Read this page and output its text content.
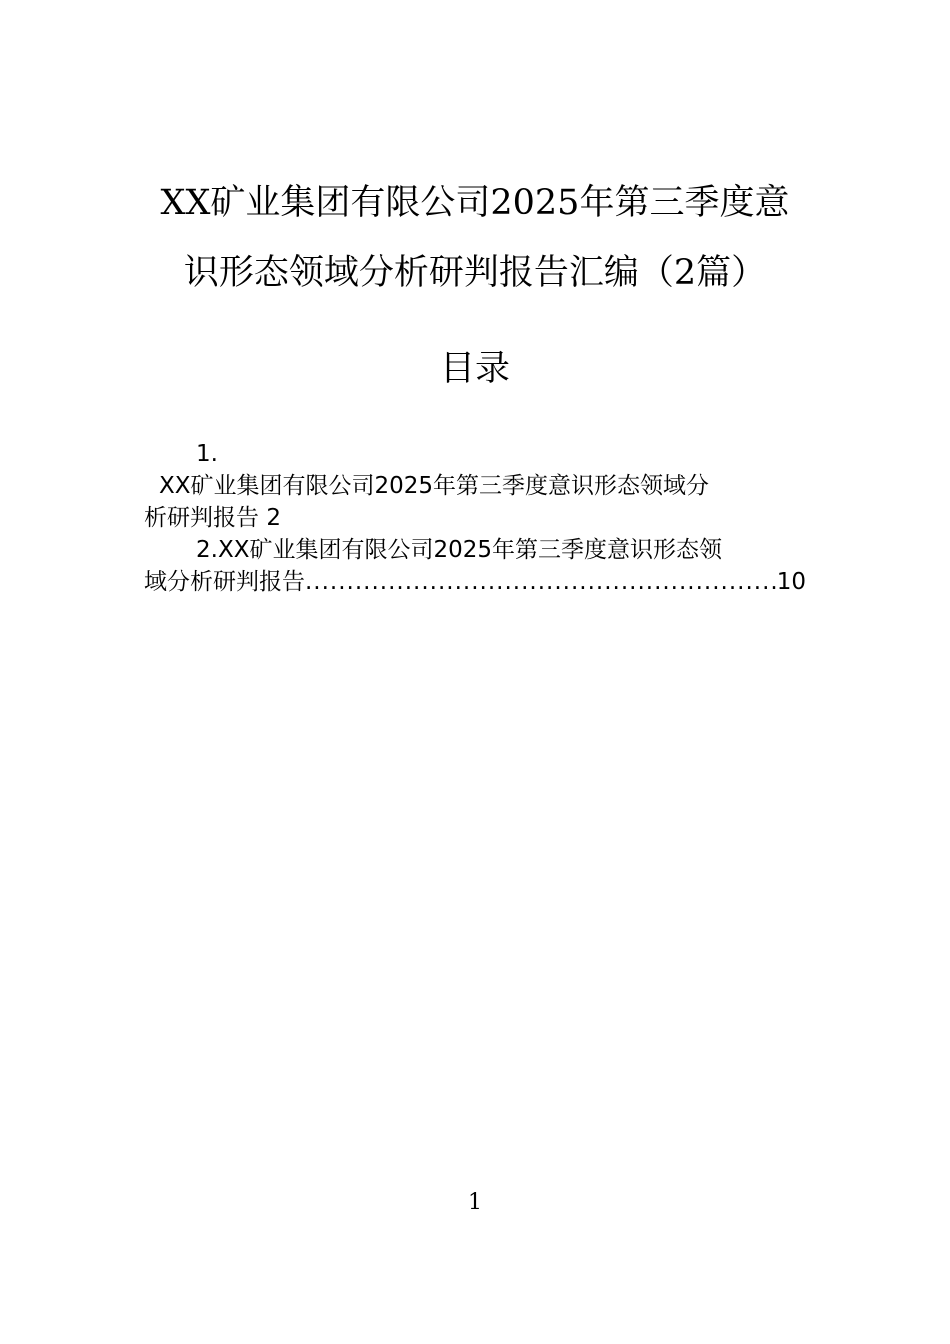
XX矿业集团有限公司2025年第三季度意
识形态领域分析研判报告汇编（2篇）
目录
1.
XX矿业集团有限公司2025年第三季度意识形态领域分
析研判报告 2
2.XX矿业集团有限公司2025年第三季度意识形态领
域分析研判报告
.....	10
1
